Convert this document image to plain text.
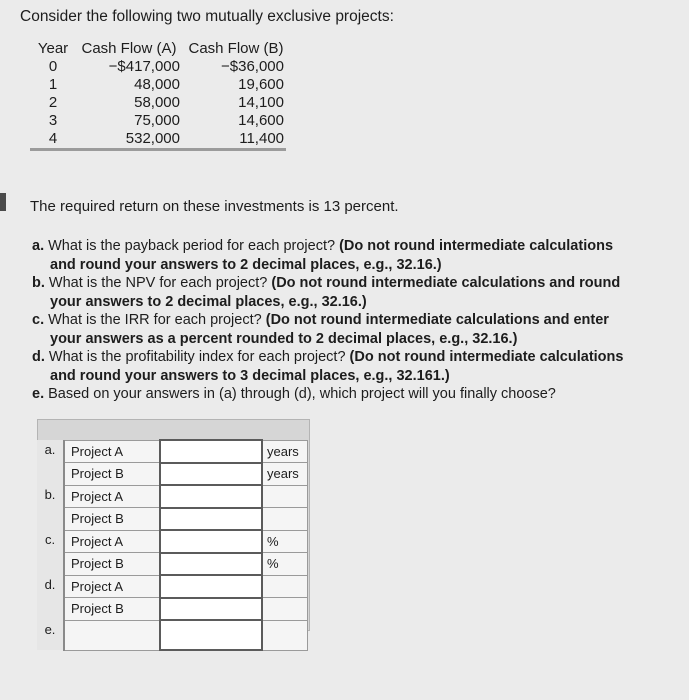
Consider the following two mutually exclusive projects:
Year	Cash Flow (A)	Cash Flow (B)
0	−$417,000	−$36,000
1	48,000	19,600
2	58,000	14,100
3	75,000	14,600
4	532,000	11,400

The required return on these investments is 13 percent.
a. What is the payback period for each project? (Do not round intermediate calculations and round your answers to 2 decimal places, e.g., 32.16.)
b. What is the NPV for each project? (Do not round intermediate calculations and round your answers to 2 decimal places, e.g., 32.16.)
c. What is the IRR for each project? (Do not round intermediate calculations and enter your answers as a percent rounded to 2 decimal places, e.g., 32.16.)
d. What is the profitability index for each project? (Do not round intermediate calculations and round your answers to 3 decimal places, e.g., 32.161.)
e. Based on your answers in (a) through (d), which project will you finally choose?
a.	Project A		years
	Project B		years
b.	Project A		
	Project B		
c.	Project A		%
	Project B		%
d.	Project A		
	Project B		
e.			
